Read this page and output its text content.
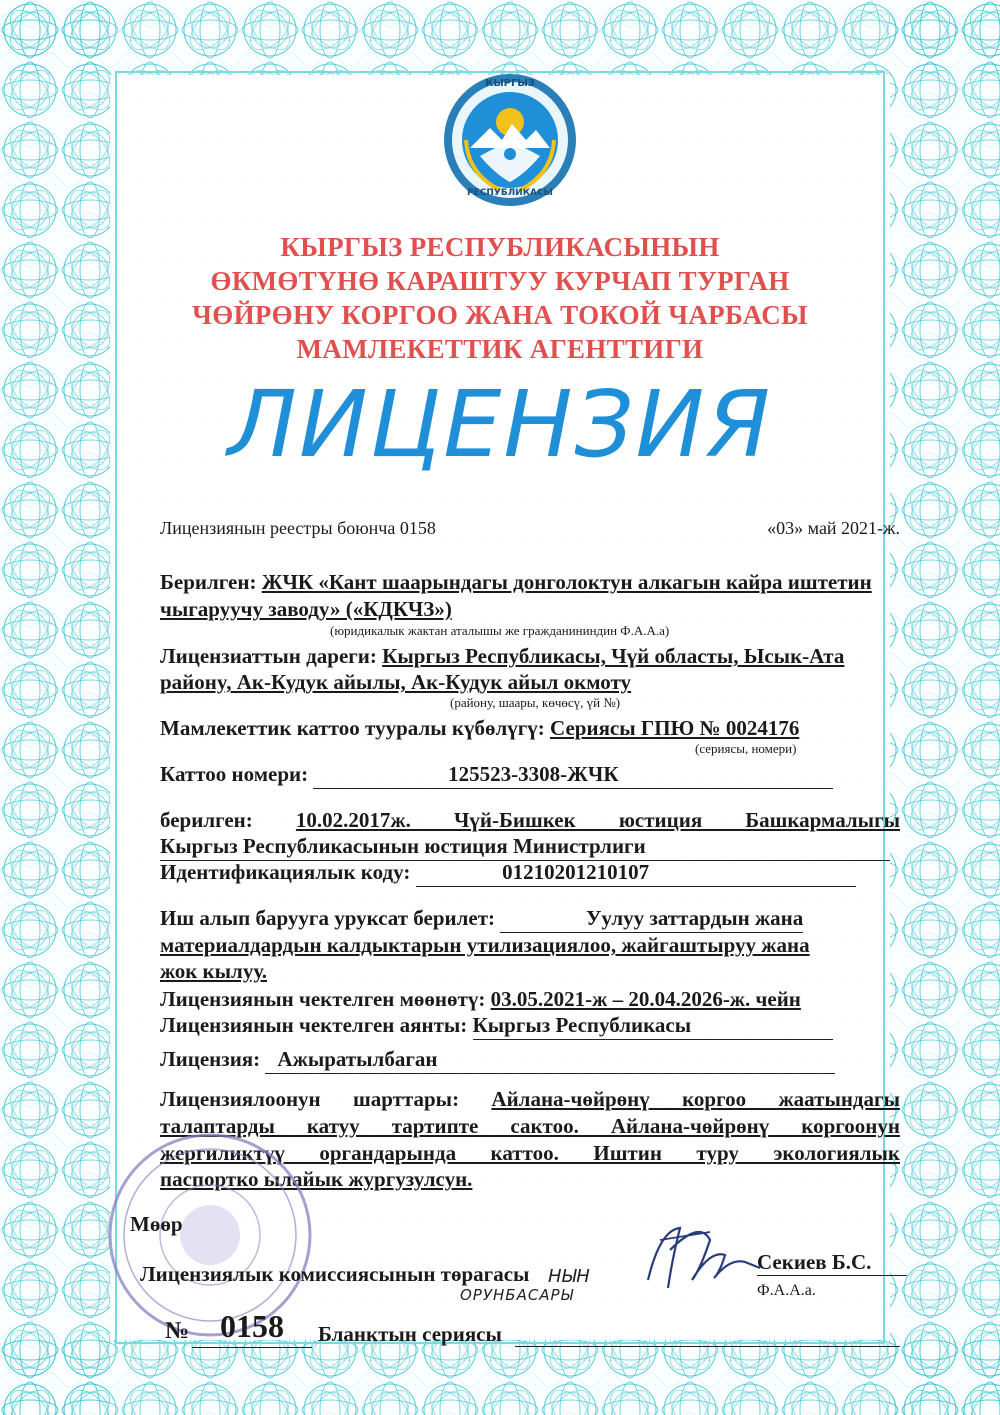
КЫРГЫЗ
РЕСПУБЛИКАСЫ
КЫРГЫЗ РЕСПУБЛИКАСЫНЫН
ӨКМӨТҮНӨ КАРАШТУУ КУРЧАП ТУРГАН
ЧӨЙРӨНУ КОРГОО ЖАНА ТОКОЙ ЧАРБАСЫ
МАМЛЕКЕТТИК АГЕНТТИГИ
ЛИЦЕНЗИЯ
Лицензиянын реестры боюнча 0158	«03» май 2021-ж.
Берилген: ЖЧК «Кант шаарындагы донголоктун алкагын кайра иштетин
чыгаруучу заводу» («КДКЧЗ»)
(юридикалык жактан аталышы же гражданининдин Ф.А.А.а)
Лицензиаттын дареги: Кыргыз Республикасы, Чүй областы, Ысык-Ата
районy, Ак-Кудук айылы, Ак-Кудук айыл окмоту
(району, шаары, көчөсү, үй №)
Мамлекеттик каттоо тууралы күбөлүгү: Сериясы ГПЮ № 0024176
(сериясы, номери)
Каттоо номери:	125523-3308-ЖЧК
берилген: 10.02.2017ж. Чүй-Бишкек юстиция Башкармалыгы
Кыргыз Республикасынын юстиция Министрлиги
Идентификациялык коду:	01210201210107
Иш алып барууга уруксат берилет:	Уулуу заттардын жана
материалдардын калдыктарын утилизациялоо, жайгаштыруу жана
жок кылуу.
Лицензиянын чектелген мөөнөтү: 03.05.2021-ж – 20.04.2026-ж. чейн
Лицензиянын чектелген аянты: Кыргыз Республикасы
Лицензия: Ажыратылбаган
Лицензиялоонун шарттары: Айлана-чөйрөнү коргоо жаатындагы
талаптарды катуу тартипте сактоо. Айлана-чөйрөнү коргоонун
жергиликтүү органдарында каттоо. Иштин туру экологиялык
паспортко ылайык жургузулсун.
Мөөр
Лицензиялык комиссиясынын төрагасы НЫН
ОРУНБАСАРЫ
Секиев Б.С.
Ф.А.А.а.
№ 0158	Бланктын сериясы
